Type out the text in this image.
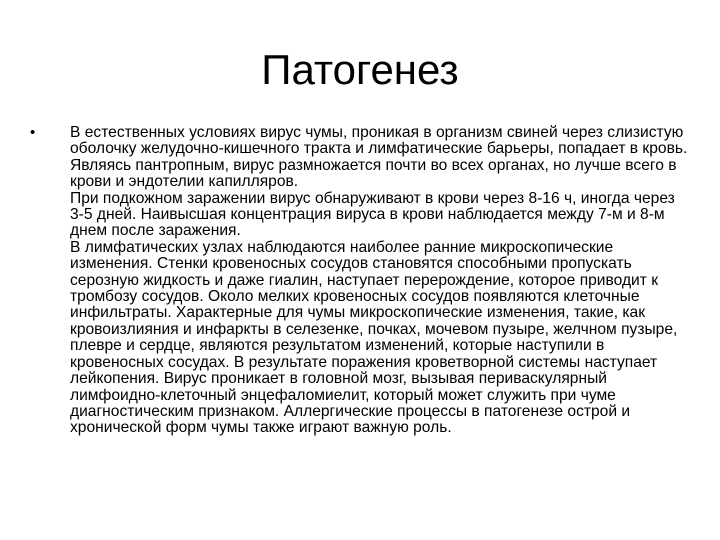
Патогенез
• В естественных условиях вирус чумы, проникая в организм свиней через слизистую оболочку желудочно-кишечного тракта и лимфатические барьеры, попадает в кровь. Являясь пантропным, вирус размножается почти во всех органах, но лучше всего в крови и эндотелии капилляров.
При подкожном заражении вирус обнаруживают в крови через 8-16 ч, иногда через 3-5 дней. Наивысшая концентрация вируса в крови наблюдается между 7-м и 8-м днем после заражения.
В лимфатических узлах наблюдаются наиболее ранние микроскопические изменения. Стенки кровеносных сосудов становятся способными пропускать серозную жидкость и даже гиалин, наступает перерождение, которое приводит к тромбозу сосудов. Около мелких кровеносных сосудов появляются клеточные инфильтраты. Характерные для чумы микроскопические изменения, такие, как кровоизлияния и инфаркты в селезенке, почках, мочевом пузыре, желчном пузыре, плевре и сердце, являются результатом изменений, которые наступили в кровеносных сосудах. В результате поражения кроветворной системы наступает лейкопения. Вирус проникает в головной мозг, вызывая периваскулярный лимфоидно-клеточный энцефаломиелит, который может служить при чуме диагностическим признаком. Аллергические процессы в патогенезе острой и хронической форм чумы также играют важную роль.
